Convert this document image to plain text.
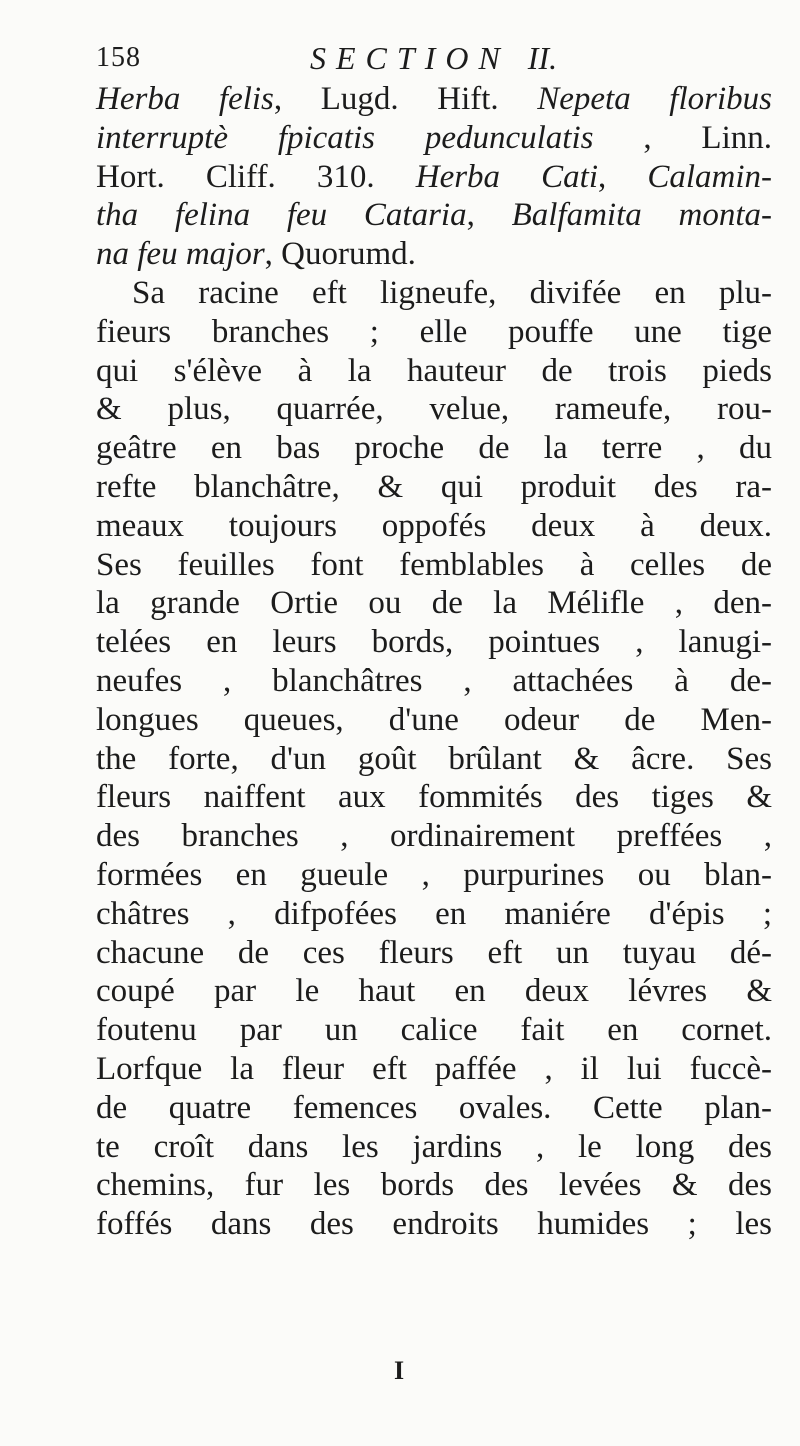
158	SECTION II.
Herba felis, Lugd. Hift. Nepeta floribus
interruptè fpicatis pedunculatis , Linn.
Hort. Cliff. 310. Herba Cati, Calamin-
tha felina feu Cataria, Balfamita monta-
na feu major, Quorumd.
Sa racine eft ligneufe, divifée en plu-
fieurs branches ; elle pouffe une tige
qui s'élève à la hauteur de trois pieds
& plus, quarrée, velue, rameufe, rou-
geâtre en bas proche de la terre , du
refte blanchâtre, & qui produit des ra-
meaux toujours oppofés deux à deux.
Ses feuilles font femblables à celles de
la grande Ortie ou de la Mélifle , den-
telées en leurs bords, pointues , lanugi-
neufes , blanchâtres , attachées à de-
longues queues, d'une odeur de Men-
the forte, d'un goût brûlant & âcre. Ses
fleurs naiffent aux fommités des tiges &
des branches , ordinairement preffées ,
formées en gueule , purpurines ou blan-
châtres , difpofées en maniére d'épis ;
chacune de ces fleurs eft un tuyau dé-
coupé par le haut en deux lévres &
foutenu par un calice fait en cornet.
Lorfque la fleur eft paffée , il lui fuccè-
de quatre femences ovales. Cette plan-
te croît dans les jardins , le long des
chemins, fur les bords des levées & des
foffés dans des endroits humides ; les
I
